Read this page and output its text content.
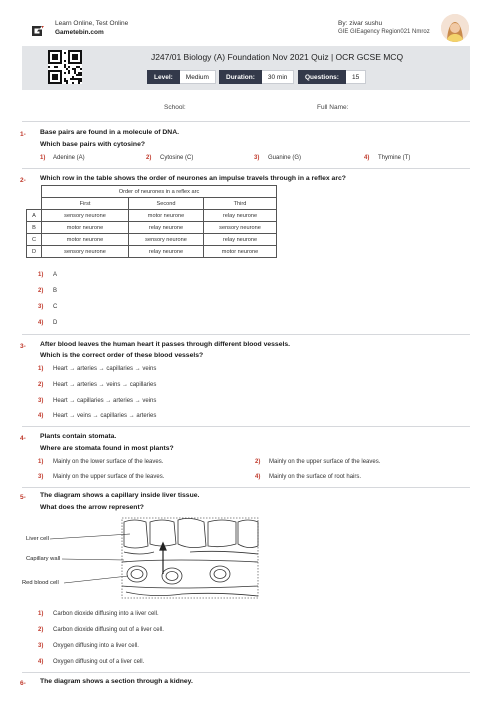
Learn Online, Test Online
Gametebin.com
By: zivar sushu
GIE GIEagency Region021 Nmroz
J247/01 Biology (A) Foundation Nov 2021 Quiz | OCR GCSE MCQ
Level:	Medium	Duration:	30 min	Questions:	15
School:	Full Name:
1- Base pairs are found in a molecule of DNA.
Which base pairs with cytosine?
1) Adenine (A)	2) Cytosine (C)	3) Guanine (G)	4) Thymine (T)
2- Which row in the table shows the order of neurones an impulse travels through in a reflex arc?
	Order of neurones in a reflex arc		
	First	Second	Third
A	sensory neurone	motor neurone	relay neurone
B	motor neurone	relay neurone	sensory neurone
C	motor neurone	sensory neurone	relay neurone
D	sensory neurone	relay neurone	motor neurone
1) A
2) B
3) C
4) D
3- After blood leaves the human heart it passes through different blood vessels.
Which is the correct order of these blood vessels?
1) Heart → arteries → capillaries → veins
2) Heart → arteries → veins → capillaries
3) Heart → capillaries → arteries → veins
4) Heart → veins → capillaries → arteries
4- Plants contain stomata.
Where are stomata found in most plants?
1) Mainly on the lower surface of the leaves.	2) Mainly on the upper surface of the leaves.
3) Mainly on the upper surface of the leaves.	4) Mainly on the surface of root hairs.
5- The diagram shows a capillary inside liver tissue.
What does the arrow represent?
Liver cell
Capillary wall
Red blood cell
1) Carbon dioxide diffusing into a liver cell.
2) Carbon dioxide diffusing out of a liver cell.
3) Oxygen diffusing into a liver cell.
4) Oxygen diffusing out of a liver cell.
6- The diagram shows a section through a kidney.
